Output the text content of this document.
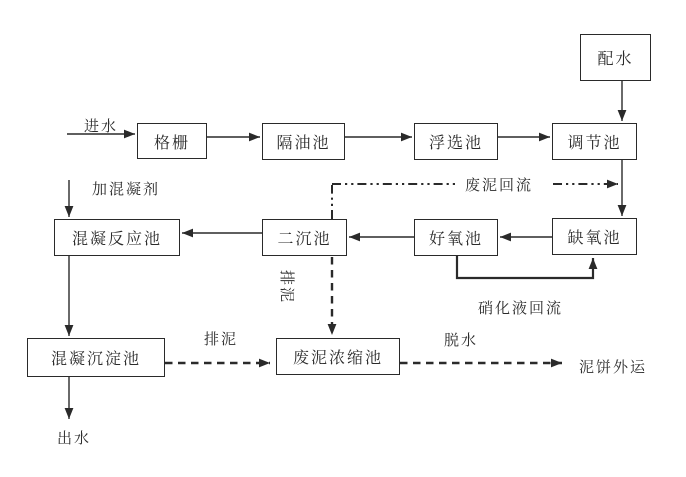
配水
格栅	隔油池	浮选池	调节池
混凝反应池	二沉池	好氧池	缺氧池
混凝沉淀池	废泥浓缩池
进水
加混凝剂	废泥回流
硝化液回流
排泥
排泥	脱水
泥饼外运
出水
